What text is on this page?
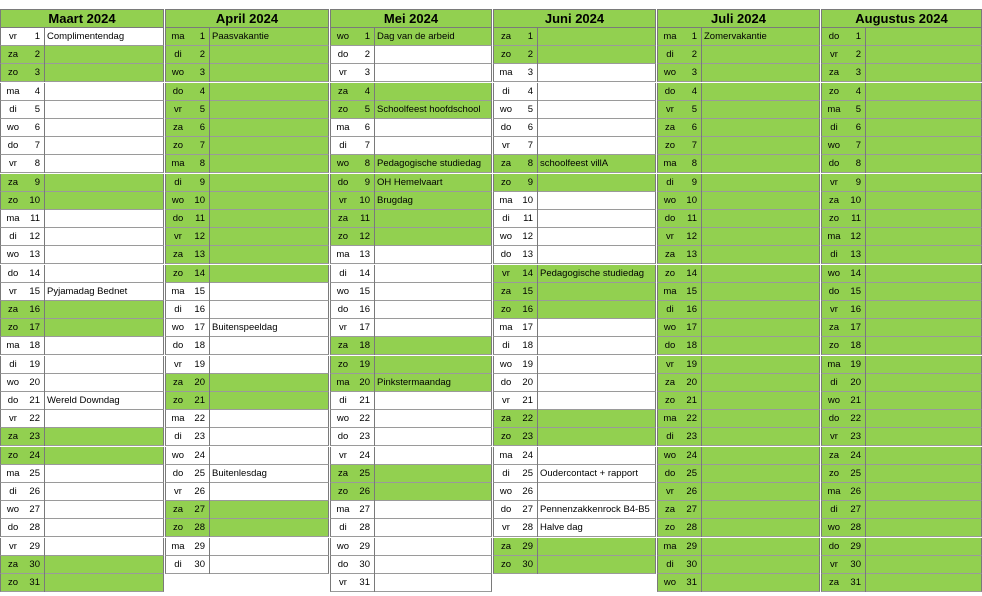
Maart 2024
vr	1 Complimentendag
za	2
zo	3
ma	4
di	5
wo	6
do	7
vr	8
za	9
zo	10
ma	11
di	12
wo	13
do	14
vr	15 Pyjamadag Bednet
za	16
zo	17
ma	18
di	19
wo	20
do	21 Wereld Downdag
vr	22
za	23
zo	24
ma	25
di	26
wo	27
do	28
vr	29
za	30
zo	31
April 2024
ma	1 Paasvakantie
di	2
wo	3
do	4
vr	5
za	6
zo	7
ma	8
di	9
wo	10
do	11
vr	12
za	13
zo	14
ma	15
di	16
wo	17 Buitenspeeldag
do	18
vr	19
za	20
zo	21
ma	22
di	23
wo	24
do	25 Buitenlesdag
vr	26
za	27
zo	28
ma	29
di	30
Mei 2024
wo	1 Dag van de arbeid
do	2
vr	3
za	4
zo	5 Schoolfeest hoofdschool
ma	6
di	7
wo	8 Pedagogische studiedag
do	9 OH Hemelvaart
vr	10 Brugdag
za	11
zo	12
ma	13
di	14
wo	15
do	16
vr	17
za	18
zo	19
ma	20 Pinkstermaandag
di	21
wo	22
do	23
vr	24
za	25
zo	26
ma	27
di	28
wo	29
do	30
vr	31
Juni 2024
za	1
zo	2
ma	3
di	4
wo	5
do	6
vr	7
za	8 schoolfeest villA
zo	9
ma	10
di	11
wo	12
do	13
vr	14 Pedagogische studiedag
za	15
zo	16
ma	17
di	18
wo	19
do	20
vr	21
za	22
zo	23
ma	24
di	25 Oudercontact + rapport
wo	26
do	27 Pennenzakkenrock B4-B5
vr	28 Halve dag
za	29
zo	30
Juli 2024
ma	1 Zomervakantie
di	2
wo	3
do	4
vr	5
za	6
zo	7
ma	8
di	9
wo	10
do	11
vr	12
za	13
zo	14
ma	15
di	16
wo	17
do	18
vr	19
za	20
zo	21
ma	22
di	23
wo	24
do	25
vr	26
za	27
zo	28
ma	29
di	30
wo	31
Augustus 2024
do	1
vr	2
za	3
zo	4
ma	5
di	6
wo	7
do	8
vr	9
za	10
zo	11
ma	12
di	13
wo	14
do	15
vr	16
za	17
zo	18
ma	19
di	20
wo	21
do	22
vr	23
za	24
zo	25
ma	26
di	27
wo	28
do	29
vr	30
za	31
